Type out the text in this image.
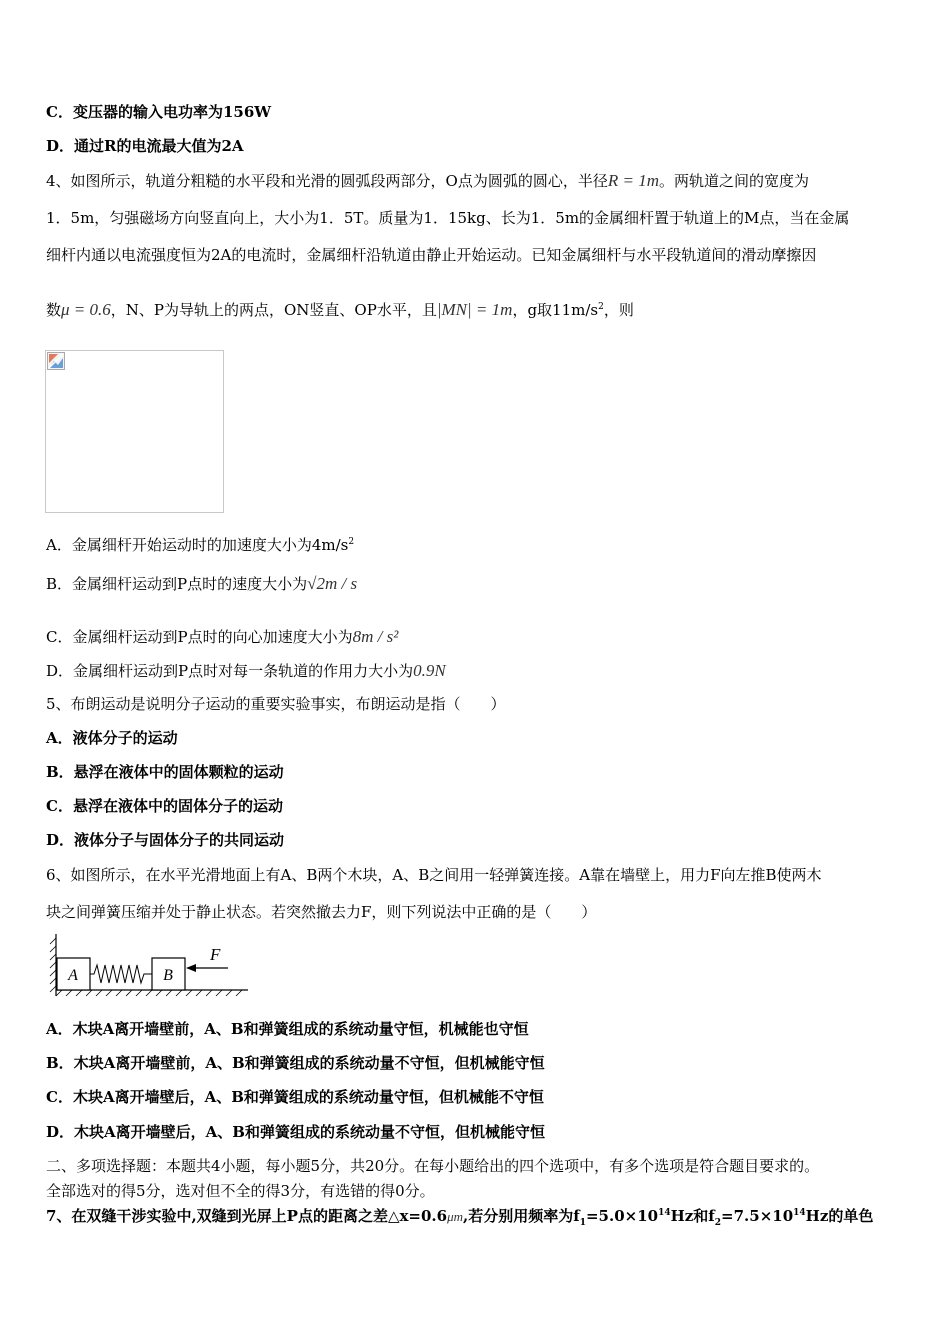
C．变压器的输入电功率为156W
D．通过R的电流最大值为2A
4、如图所示，轨道分粗糙的水平段和光滑的圆弧段两部分，O点为圆弧的圆心，半径R = 1m。两轨道之间的宽度为
1．5m，匀强磁场方向竖直向上，大小为1．5T。质量为1．15kg、长为1．5m的金属细杆置于轨道上的M点，当在金属
细杆内通以电流强度恒为2A的电流时，金属细杆沿轨道由静止开始运动。已知金属细杆与水平段轨道间的滑动摩擦因
数μ = 0.6，N、P为导轨上的两点，ON竖直、OP水平，且|MN| = 1m，g取$11m/s^2$，则
A．金属细杆开始运动时的加速度大小为$4m/s^2$
B．金属细杆运动到P点时的速度大小为√2m / s
C．金属细杆运动到P点时的向心加速度大小为8m / s²
D．金属细杆运动到P点时对每一条轨道的作用力大小为0.9N
5、布朗运动是说明分子运动的重要实验事实，布朗运动是指（　　）
A．液体分子的运动
B．悬浮在液体中的固体颗粒的运动
C．悬浮在液体中的固体分子的运动
D．液体分子与固体分子的共同运动
6、如图所示，在水平光滑地面上有A、B两个木块，A、B之间用一轻弹簧连接。A靠在墙壁上，用力F向左推B使两木
块之间弹簧压缩并处于静止状态。若突然撤去力F，则下列说法中正确的是（　　）
A	B
F
A．木块A离开墙壁前，A、B和弹簧组成的系统动量守恒，机械能也守恒
B．木块A离开墙壁前，A、B和弹簧组成的系统动量不守恒，但机械能守恒
C．木块A离开墙壁后，A、B和弹簧组成的系统动量守恒，但机械能不守恒
D．木块A离开墙壁后，A、B和弹簧组成的系统动量不守恒，但机械能守恒
二、多项选择题：本题共4小题，每小题5分，共20分。在每小题给出的四个选项中，有多个选项是符合题目要求的。
全部选对的得5分，选对但不全的得3分，有选错的得0分。
7、在双缝干涉实验中,双缝到光屏上P点的距离之差△x=0.6μm,若分别用频率为$f_1=5.0\times 10^{14}Hz$和$f_2=7.5\times 10^{14}Hz$的单色
